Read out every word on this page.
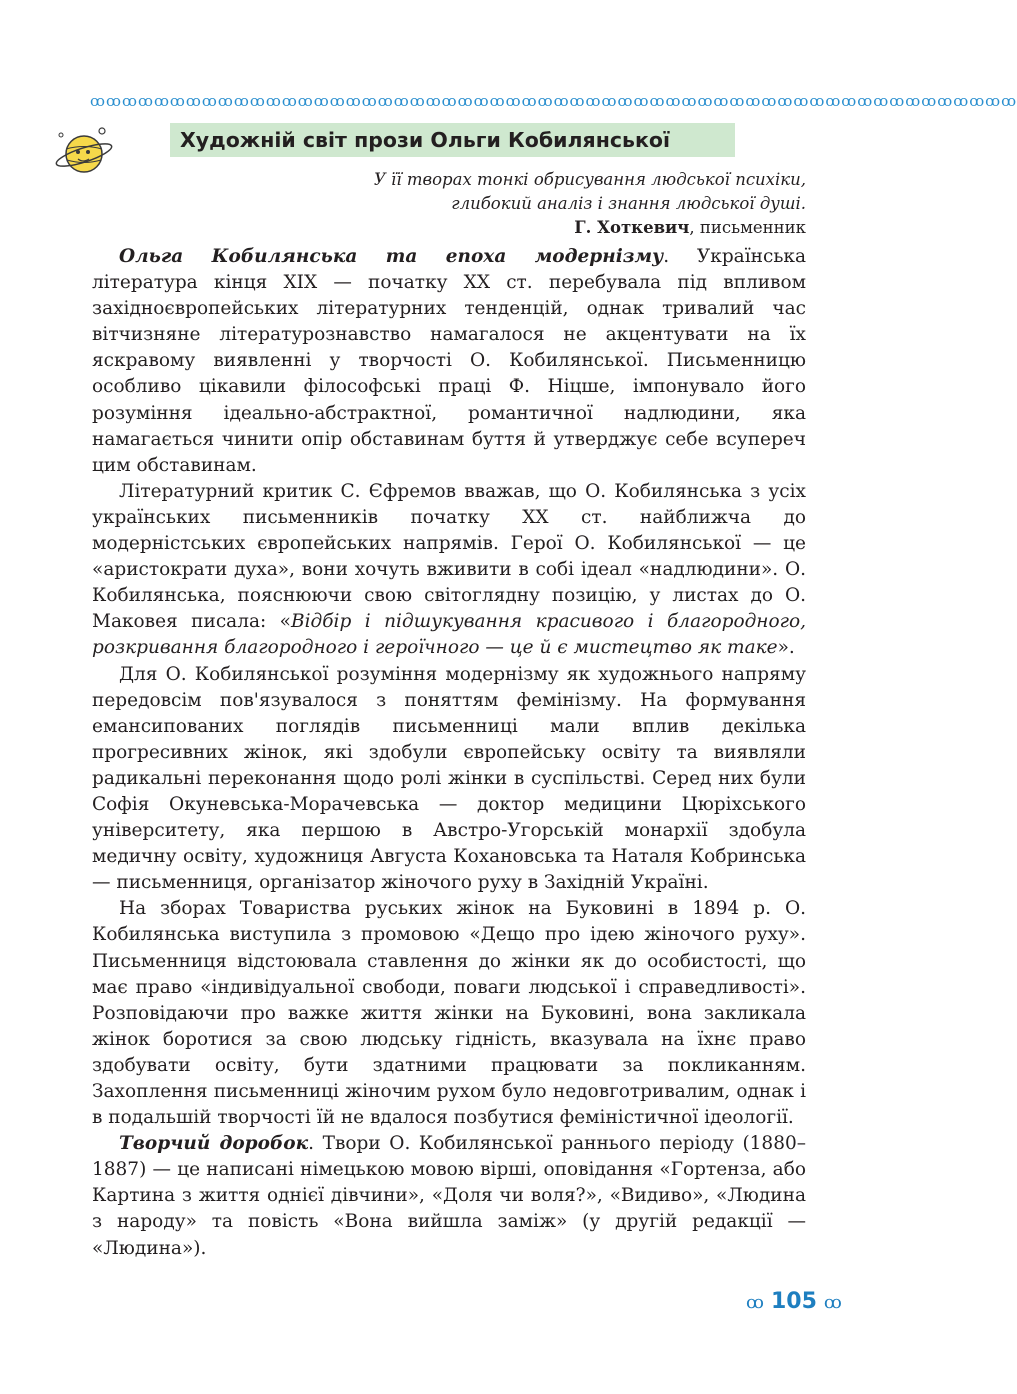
ꝏꝏꝏꝏꝏꝏꝏꝏꝏꝏꝏꝏꝏꝏꝏꝏꝏꝏꝏꝏꝏꝏꝏꝏꝏꝏꝏꝏꝏꝏꝏꝏꝏꝏꝏꝏꝏꝏꝏꝏꝏꝏꝏꝏꝏꝏꝏꝏꝏꝏꝏꝏꝏꝏꝏꝏꝏꝏ
Художній світ прози Ольги Кобилянської
У її творах тонкі обрисування людської психіки,
глибокий аналіз і знання людської душі.
Г. Хоткевич, письменник

Ольга Кобилянська та епоха модернізму. Українська література кінця XIX — початку XX ст. перебувала під впливом західноєвропейських літературних тенденцій, однак тривалий час вітчизняне літературознавство намагалося не акцентувати на їх яскравому виявленні у творчості О. Кобилянської. Письменницю особливо цікавили філософські праці Ф. Ніцше, імпонувало його розуміння ідеально-абстрактної, романтичної надлюдини, яка намагається чинити опір обставинам буття й утверджує себе всупереч цим обставинам.

Літературний критик С. Єфремов вважав, що О. Кобилянська з усіх українських письменників початку XX ст. найближча до модерністських європейських напрямів. Герої О. Кобилянської — це «аристократи духа», вони хочуть вживити в собі ідеал «надлюдини». О. Кобилянська, пояснюючи свою світоглядну позицію, у листах до О. Маковея писала: «Відбір і підшукування красивого і благородного, розкривання благородного і героїчного — це й є мистецтво як таке».

Для О. Кобилянської розуміння модернізму як художнього напряму передовсім пов'язувалося з поняттям фемінізму. На формування емансипованих поглядів письменниці мали вплив декілька прогресивних жінок, які здобули європейську освіту та виявляли радикальні переконання щодо ролі жінки в суспільстві. Серед них були Софія Окуневська-Морачевська — доктор медицини Цюріхського університету, яка першою в Австро-Угорській монархії здобула медичну освіту, художниця Августа Кохановська та Наталя Кобринська — письменниця, організатор жіночого руху в Західній Україні.

На зборах Товариства руських жінок на Буковині в 1894 р. О. Кобилянська виступила з промовою «Дещо про ідею жіночого руху». Письменниця відстоювала ставлення до жінки як до особистості, що має право «індивідуальної свободи, поваги людської і справедливості». Розповідаючи про важке життя жінки на Буковині, вона закликала жінок боротися за свою людську гідність, вказувала на їхнє право здобувати освіту, бути здатними працювати за покликанням. Захоплення письменниці жіночим рухом було недовготривалим, однак і в подальшій творчості їй не вдалося позбутися феміністичної ідеології.

Творчий доробок. Твори О. Кобилянської раннього періоду (1880–1887) — це написані німецькою мовою вірші, оповідання «Гортенза, або Картина з життя однієї дівчини», «Доля чи воля?», «Видиво», «Людина з народу» та повість «Вона вийшла заміж» (у другій редакції — «Людина»).

ꝏ 105 ꝏ
